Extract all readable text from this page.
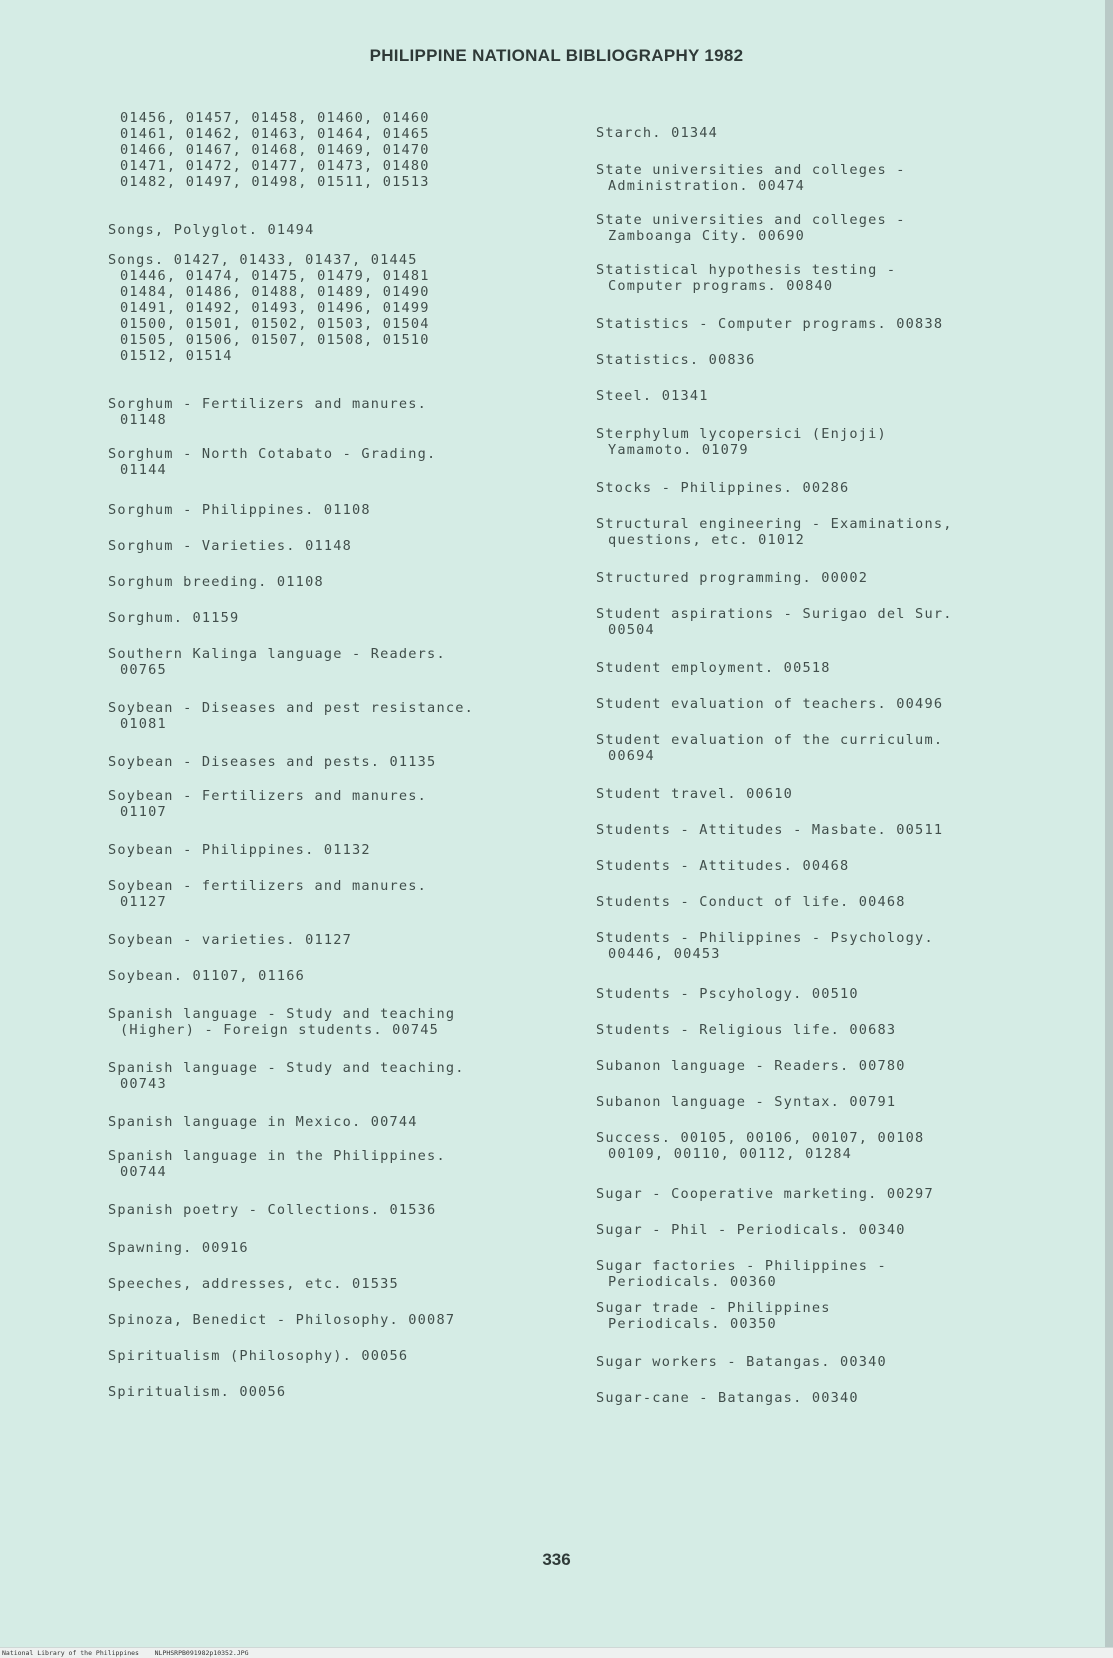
PHILIPPINE NATIONAL BIBLIOGRAPHY 1982
01456, 01457, 01458, 01460, 01460
01461, 01462, 01463, 01464, 01465
01466, 01467, 01468, 01469, 01470
01471, 01472, 01477, 01473, 01480
01482, 01497, 01498, 01511, 01513
Songs, Polyglot. 01494
Songs. 01427, 01433, 01437, 01445
01446, 01474, 01475, 01479, 01481
01484, 01486, 01488, 01489, 01490
01491, 01492, 01493, 01496, 01499
01500, 01501, 01502, 01503, 01504
01505, 01506, 01507, 01508, 01510
01512, 01514
Sorghum - Fertilizers and manures.
01148
Sorghum - North Cotabato - Grading.
01144
Sorghum - Philippines. 01108
Sorghum - Varieties. 01148
Sorghum breeding. 01108
Sorghum. 01159
Southern Kalinga language - Readers.
00765
Soybean - Diseases and pest resistance.
01081
Soybean - Diseases and pests. 01135
Soybean - Fertilizers and manures.
01107
Soybean - Philippines. 01132
Soybean - fertilizers and manures.
01127
Soybean - varieties. 01127
Soybean. 01107, 01166
Spanish language - Study and teaching
(Higher) - Foreign students. 00745
Spanish language - Study and teaching.
00743
Spanish language in Mexico. 00744
Spanish language in the Philippines.
00744
Spanish poetry - Collections. 01536
Spawning. 00916
Speeches, addresses, etc. 01535
Spinoza, Benedict - Philosophy. 00087
Spiritualism (Philosophy). 00056
Spiritualism. 00056
Starch. 01344
State universities and colleges -
Administration. 00474
State universities and colleges -
Zamboanga City. 00690
Statistical hypothesis testing -
Computer programs. 00840
Statistics - Computer programs. 00838
Statistics. 00836
Steel. 01341
Sterphylum lycopersici (Enjoji)
Yamamoto. 01079
Stocks - Philippines. 00286
Structural engineering - Examinations,
questions, etc. 01012
Structured programming. 00002
Student aspirations - Surigao del Sur.
00504
Student employment. 00518
Student evaluation of teachers. 00496
Student evaluation of the curriculum.
00694
Student travel. 00610
Students - Attitudes - Masbate. 00511
Students - Attitudes. 00468
Students - Conduct of life. 00468
Students - Philippines - Psychology.
00446, 00453
Students - Pscyhology. 00510
Students - Religious life. 00683
Subanon language - Readers. 00780
Subanon language - Syntax. 00791
Success. 00105, 00106, 00107, 00108
00109, 00110, 00112, 01284
Sugar - Cooperative marketing. 00297
Sugar - Phil - Periodicals. 00340
Sugar factories - Philippines -
Periodicals. 00360
Sugar trade - Philippines
Periodicals. 00350
Sugar workers - Batangas. 00340
Sugar-cane - Batangas. 00340
336
National Library of the Philippines    NLPHSRPB091982p10352.JPG
